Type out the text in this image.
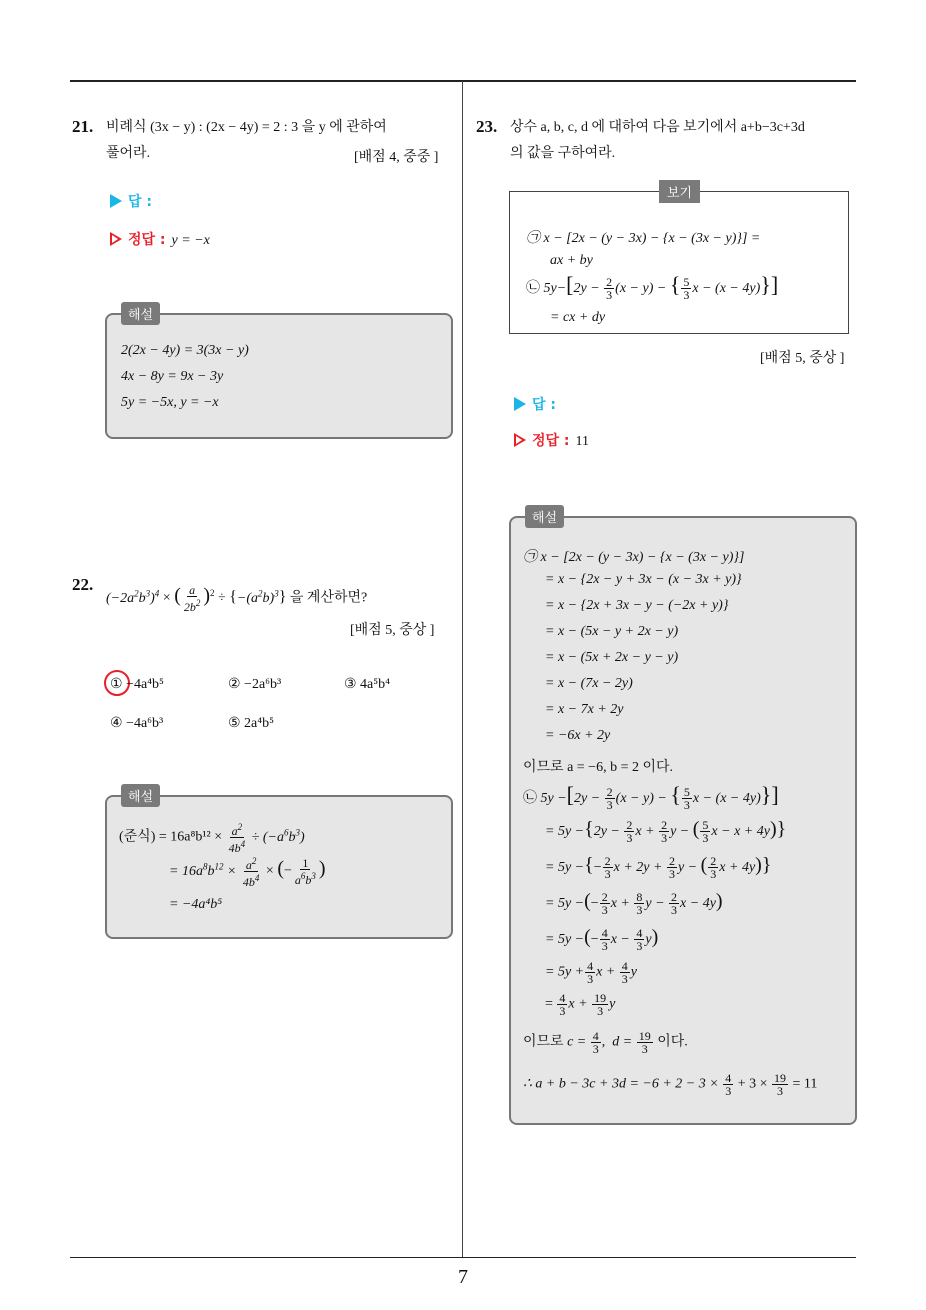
7
21. 비례식 (3x − y) : (2x − 4y) = 2 : 3 을 y 에 관하여
풀어라.	[배점 4, 중중 ]
답 :
정답 : y = −x
해설
2(2x − 4y) = 3(3x − y)
4x − 8y = 9x − 3y
5y = −5x, y = −x
22.
$(-2a^2b^3)^4$ × ( $\frac{a}{2b^2} )^2 \div \{-(a^2b)^3\}$ 을 계산하면?
[배점 5, 중상 ]
① −4a⁴b⁵	② −2a⁶b³	③ 4a⁵b⁴
④ −4a⁶b³	⑤ 2a⁴b⁵
해설
(준식) = $16a^8b^{12} \times \frac{a^2}{4b^4} \div (-a^6b^3)$
= $16a^8b^{12} \times \frac{a^2}{4b^4}$ × (− $\frac{1}{a^6b^3}$ )
= −4a⁴b⁵
23. 상수 a, b, c, d 에 대하여 다음 보기에서 a+b−3c+3d
의 값을 구하여라.
보기
㉠ x − [2x − (y − 3x) − {x − (3x − y)}] =
ax + by
㉡ $5y-[2y - \frac{2}{3} (x - y)$ − { $\frac{5}{3}$ x − (x − 4y)}]
= cx + dy
[배점 5, 중상 ]
답 :
정답 : 11
해설
㉠ x − [2x − (y − 3x) − {x − (3x − y)}]
= x − {2x − y + 3x − (x − 3x + y)}
= x − {2x + 3x − y − (−2x + y)}
= x − (5x − y + 2x − y)
= x − (5x + 2x − y − y)
= x − (7x − 2y)
= x − 7x + 2y
= −6x + 2y
이므로 a = −6, b = 2 이다.
㉡ $5y -[2y - \frac{2}{3} (x - y)$ − { $\frac{5}{3}$ x − (x − 4y)}]
= $5y -\{2y - \frac{2}{3}$ $x + \frac{2}{3}$ y − ( $\frac{5}{3}$ x − x + 4y)}
= 5y −{− $\frac{2}{3}$ $x + 2y + \frac{2}{3}$ y − ( $\frac{2}{3}$ x + 4y)}
= 5y −(− $\frac{2}{3}$ $x + \frac{8}{3}$ $y - \frac{2}{3}$ x − 4y)
= 5y −(− $\frac{4}{3}$ $x - \frac{4}{3} y$)
= $5y + \frac{4}{3}$ $x + \frac{4}{3}$ y
= $\frac{4}{3}$ $x + \frac{19}{3}$ y
이므로 $c = \frac{4}{3}$ ,  $d = \frac{19}{3}$ 이다.
∴ $a + b - 3c + 3d = -6 + 2 - 3 \times \frac{4}{3} + 3 \times \frac{19}{3} = 11$
